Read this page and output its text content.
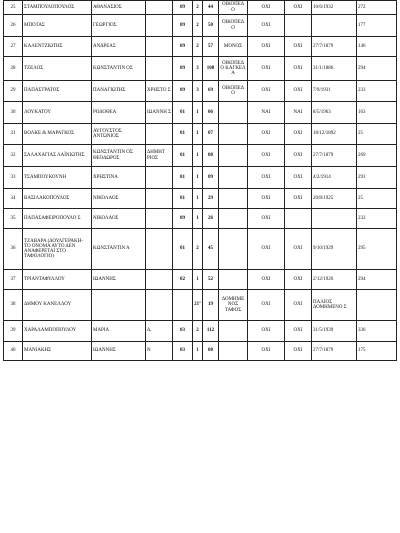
25	ΣΤΑΜΠΟΥΛΟΠΟΥΛΟΣ	ΑΘΑΝΑΣΙΟΣ		09	2	44	ΟΙΚΟΠΕΔ Ο	ΟΧΙ	ΟΧΙ	10/6/1932	272
26	ΜΠΟΤΑΣ	ΓΕΩΡΓΙΟΣ		09	2	50	ΟΙΚΟΠΕΔ Ο	ΟΧΙ			177
27	ΚΑΛΕΝΤΖΙΩΤΗΣ	ΑΝΔΡΕΑΣ		09	2	57	ΜΟΝΟΣ	ΟΧΙ	ΟΧΙ	27/7/1879	146
28	ΤΖΕΛΟΣ	ΚΩΝΣΤΑΝΤΙΝ ΟΣ		09	3	108	ΟΙΚΟΠΕΔ Ο ΚΑΓΚΕΛ Α	ΟΧΙ	ΟΧΙ	31/1/1886	294
29	ΠΑΠΑΣΤΡΑΤΟΣ	ΠΑΝΑΓΙΩΤΗΣ	ΧΡΗΣΤΟ Σ	09	3	69	ΟΙΚΟΠΕΔ Ο	ΟΧΙ	ΟΧΙ	7/9/1931	233
30	ΛΟΥΚΑΤΟΥ	ΡΟΔΟΘΕΑ	ΙΩΑΝΝΗ Σ	01	1	06		ΝΑΙ	ΝΑΙ	8/5/1963	163
31	ΒΟΛΚΕ & ΜΑΡΑΓΚΟΣ	ΑΥΓΟΥΣΤΟΣ ΑΝΤΩΝΙΟΣ		01	1	07		ΟΧΙ	ΟΧΙ	18/12/1892	25
32	ΣΑΛΑΧΑΓΙΑΣ ΛΑΪΝΙΩΤΗΣ	ΚΩΝΣΤΑΝΤΙΝ ΟΣ ΘΕΟΔΩΡΟΣ	ΔΗΜΗΤ ΡΙΟΣ	01	1	08		ΟΧΙ	ΟΧΙ	27/7/1879	269
33	ΤΣΑΜΠΟΥΚΟΥΝΗ	ΧΡΗΣΤΙΝΑ		01	1	09		ΟΧΙ	ΟΧΙ	4/2/1914	293
34	ΒΑΣΙΛΑΚΟΠΟΥΛΟΣ	ΝΙΚΟΛΑΟΣ		01	1	29		ΟΧΙ	ΟΧΙ	20/8/1925	25
35	ΠΑΠΑΣΑΦΕΙΡΟΠΟΥΛΟ Σ	ΝΙΚΟΛΑΟΣ		09	1	26		ΟΧΙ			232
36	ΤΖΑΒΑΡΑ (ΔΟΥΛΓΕΡΑΚΗ- ΤΟ ΟΝΟΜΑ ΑΥΤΟ ΔΕΝ ΑΝΑΦΕΡΕΤΑΙ ΣΤΟ ΤΑΦΟΛΟΓΙΟ)	ΚΩΝΣΤΑΝΤΙΝ Α		01	2	45		ΟΧΙ	ΟΧΙ	9/10/1929	295
37	ΤΡΙΑΝΤΑΦΥΛΛΟΥ	ΙΩΑΝΝΗΣ		02	1	52		ΟΧΙ	ΟΧΙ	2/12/1926	294
38	ΔΗΜΟΥ ΚΑΝΕΛΛΟΥ				21º	19	ΔΟΜΗΜΕ ΝΟΣ ΤΑΦΟΣ	ΟΧΙ	ΟΧΙ	ΠΑΛΙΟΣ ΔΟΜΗΜΕΝΟ Σ	
39	ΧΑΡΑΛΑΜΠΟΠΟΥΛΟΥ	ΜΑΡΙΑ	Δ.	03	2	112		ΟΧΙ	ΟΧΙ	31/5/1939	336
40	ΜΑΝΙΑΚΗΣ	ΙΩΑΝΝΗΣ	Ν	03	1	08		ΟΧΙ	ΟΧΙ	27/7/1879	175
